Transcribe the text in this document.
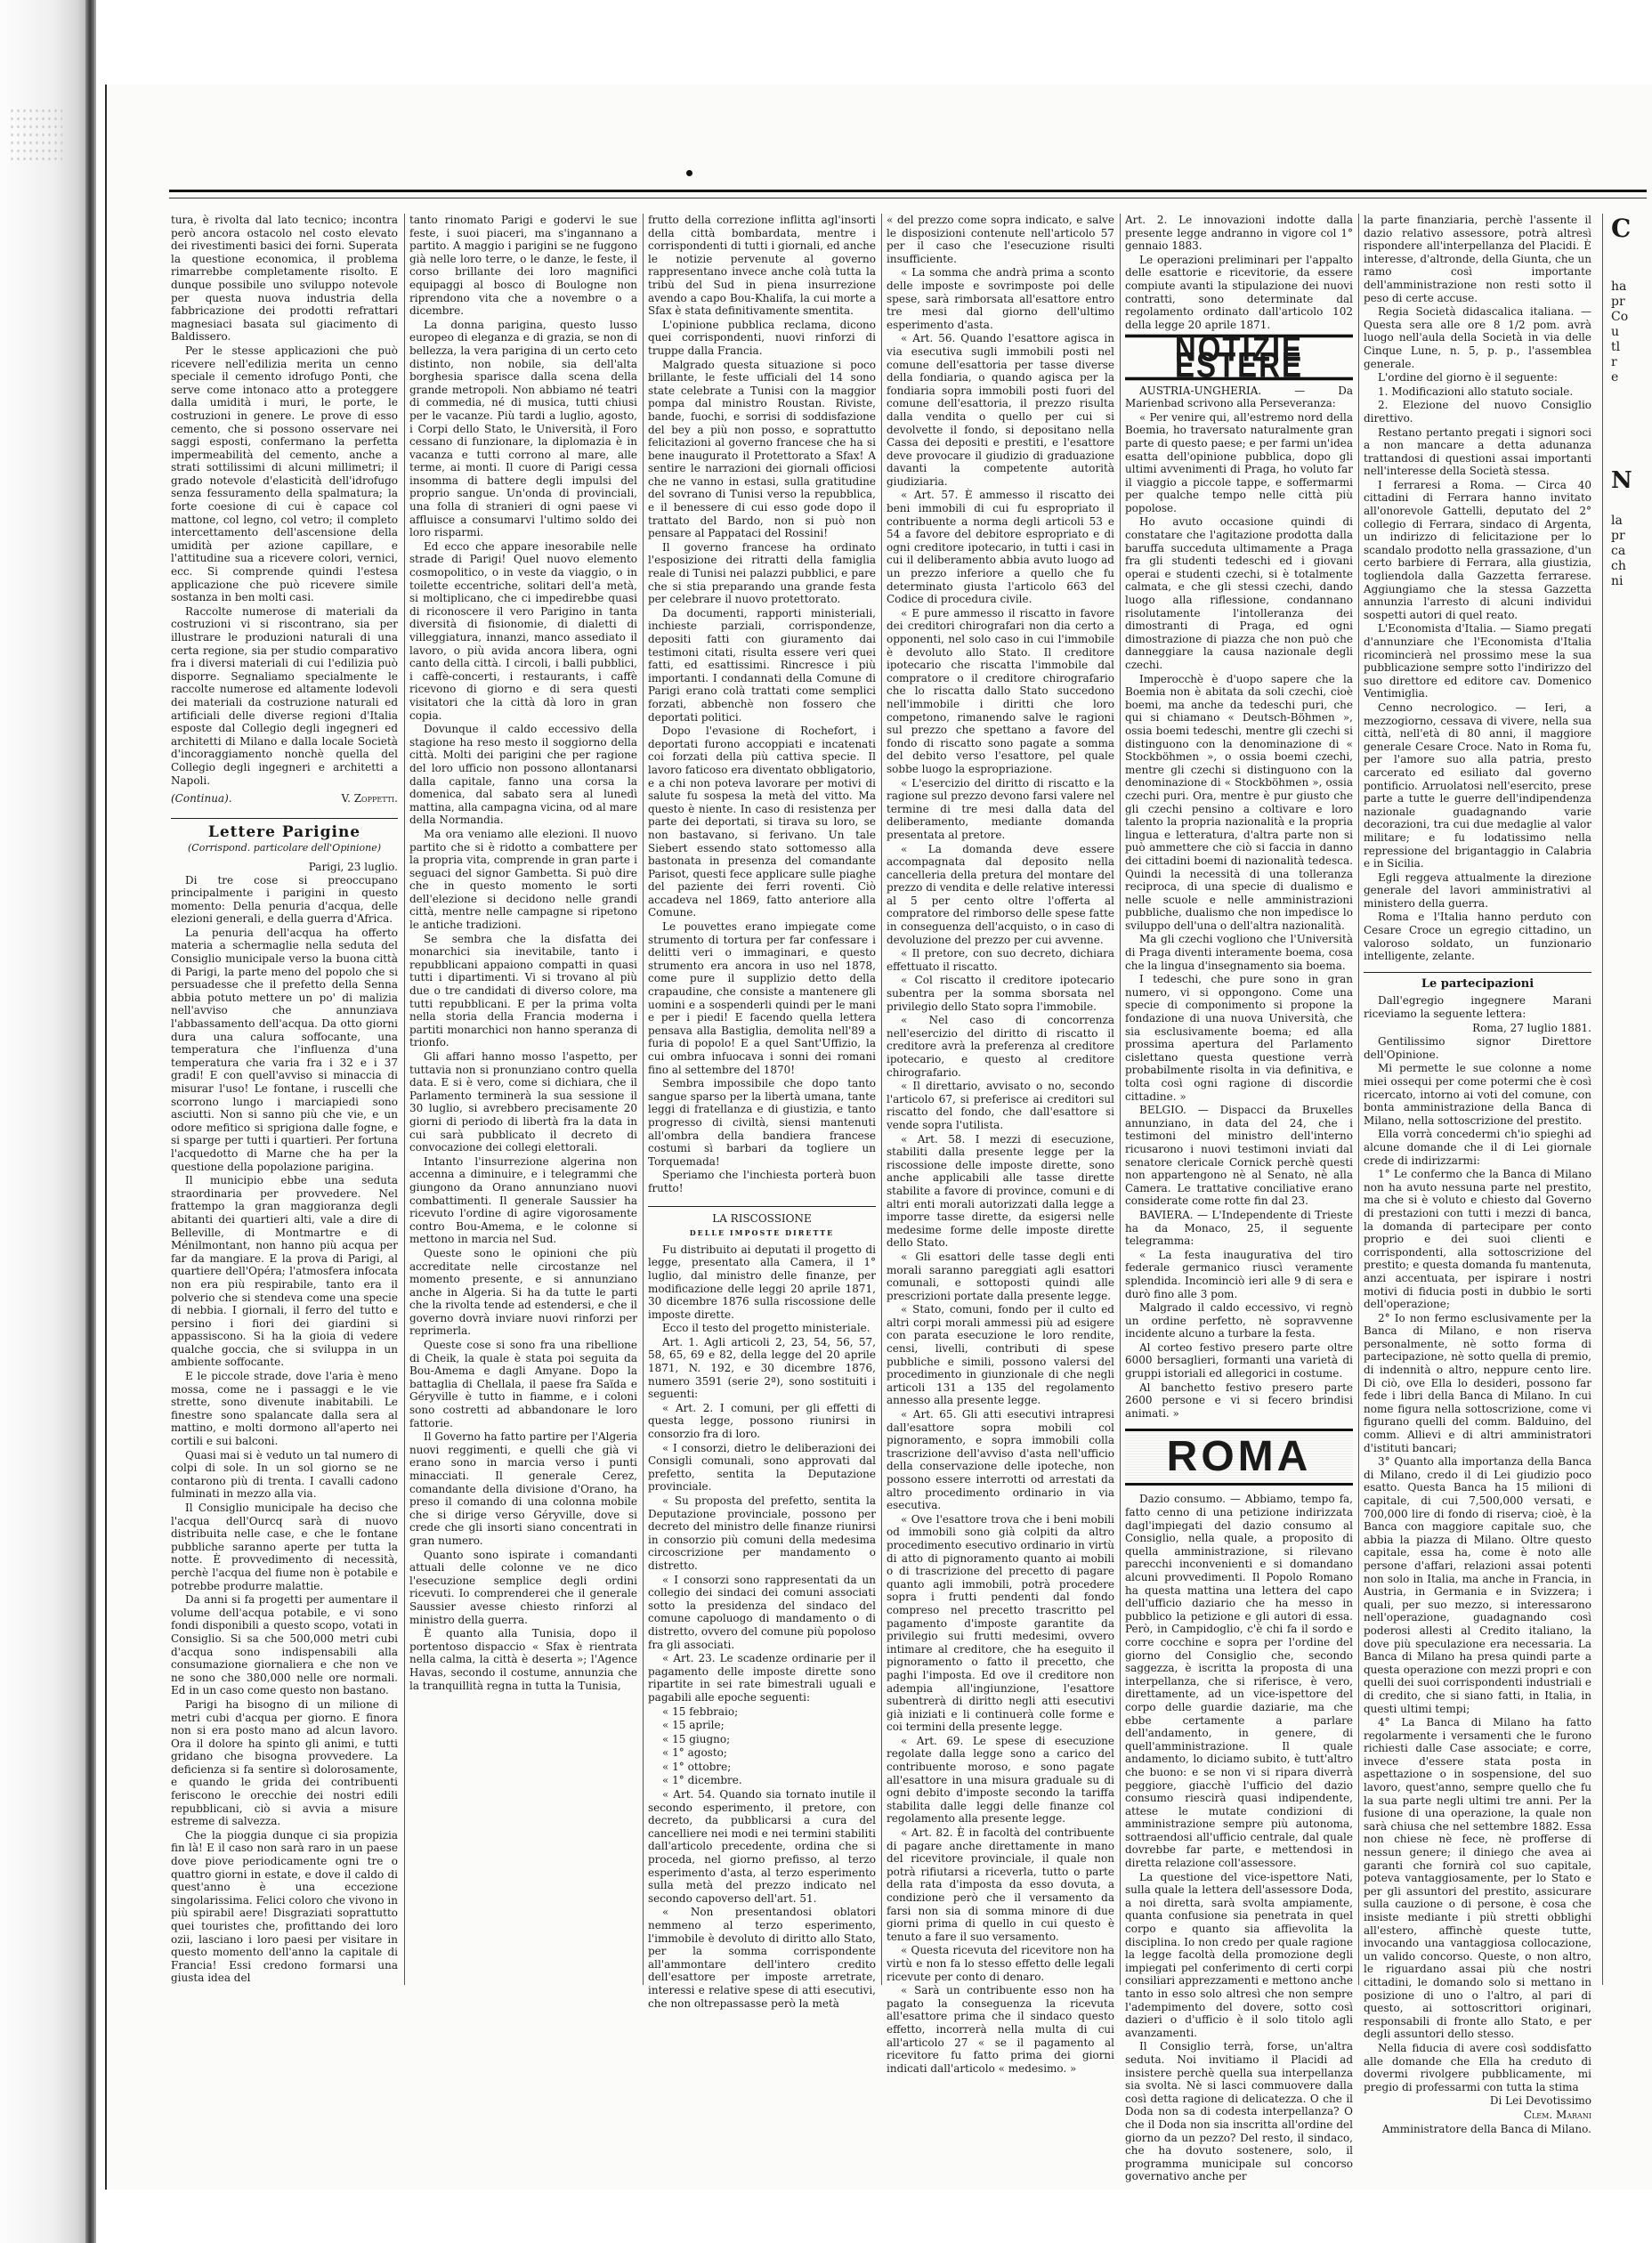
tura, è rivolta dal lato tecnico; incontra però ancora ostacolo nel costo elevato dei rivestimenti basici dei forni. Superata la questione economica, il problema rimarrebbe completamente risolto. E dunque possibile uno sviluppo notevole per questa nuova industria della fabbricazione dei prodotti refrattari magnesiaci basata sul giacimento di Baldissero.

Per le stesse applicazioni che può ricevere nell'edilizia merita un cenno speciale il cemento idrofugo Ponti, che serve come intonaco atto a proteggere dalla umidità i muri, le porte, le costruzioni in genere. Le prove di esso cemento, che si possono osservare nei saggi esposti, confermano la perfetta impermeabilità del cemento, anche a strati sottilissimi di alcuni millimetri; il grado notevole d'elasticità dell'idrofugo senza fessuramento della spalmatura; la forte coesione di cui è capace col mattone, col legno, col vetro; il completo intercettamento dell'ascensione della umidità per azione capillare, e l'attitudine sua a ricevere colori, vernici, ecc. Si comprende quindi l'estesa applicazione che può ricevere simile sostanza in ben molti casi.

Raccolte numerose di materiali da costruzioni vi si riscontrano, sia per illustrare le produzioni naturali di una certa regione, sia per studio comparativo fra i diversi materiali di cui l'edilizia può disporre. Segnaliamo specialmente le raccolte numerose ed altamente lodevoli dei materiali da costruzione naturali ed artificiali delle diverse regioni d'Italia esposte dal Collegio degli ingegneri ed architetti di Milano e dalla locale Società d'incoraggiamento nonchè quella del Collegio degli ingegneri e architetti a Napoli.

(Continua).	V. Zoppetti.
Lettere Parigine
(Corrispond. particolare dell'Opinione)
Parigi, 23 luglio.

Di tre cose si preoccupano principalmente i parigini in questo momento: Della penuria d'acqua, delle elezioni generali, e della guerra d'Africa.

La penuria dell'acqua ha offerto materia a schermaglie nella seduta del Consiglio municipale verso la buona città di Parigi, la parte meno del popolo che si persuadesse che il prefetto della Senna abbia potuto mettere un po' di malizia nell'avviso che annunziava l'abbassamento dell'acqua. Da otto giorni dura una calura soffocante, una temperatura che l'influenza d'una temperatura che varia fra i 32 e i 37 gradi! E con quell'avviso si minaccia di misurar l'uso! Le fontane, i ruscelli che scorrono lungo i marciapiedi sono asciutti. Non si sanno più che vie, e un odore mefitico si sprigiona dalle fogne, e si sparge per tutti i quartieri. Per fortuna l'acquedotto di Marne che ha per la questione della popolazione parigina.

Il municipio ebbe una seduta straordinaria per provvedere. Nel frattempo la gran maggioranza degli abitanti dei quartieri alti, vale a dire di Belleville, di Montmartre e di Ménilmontant, non hanno più acqua per far da mangiare. E la prova di Parigi, al quartiere dell'Opéra; l'atmosfera infocata non era più respirabile, tanto era il polverio che si stendeva come una specie di nebbia. I giornali, il ferro del tutto e persino i fiori dei giardini si appassiscono. Si ha la gioia di vedere qualche goccia, che si sviluppa in un ambiente soffocante.

E le piccole strade, dove l'aria è meno mossa, come ne i passaggi e le vie strette, sono divenute inabitabili. Le finestre sono spalancate dalla sera al mattino, e molti dormono all'aperto nei cortili e sui balconi.

Quasi mai si è veduto un tal numero di colpi di sole. In un sol giorno se ne contarono più di trenta. I cavalli cadono fulminati in mezzo alla via.

Il Consiglio municipale ha deciso che l'acqua dell'Ourcq sarà di nuovo distribuita nelle case, e che le fontane pubbliche saranno aperte per tutta la notte. È provvedimento di necessità, perchè l'acqua del fiume non è potabile e potrebbe produrre malattie.

Da anni si fa progetti per aumentare il volume dell'acqua potabile, e vi sono fondi disponibili a questo scopo, votati in Consiglio. Si sa che 500,000 metri cubi d'acqua sono indispensabili alla consumazione giornaliera e che non ve ne sono che 380,000 nelle ore normali. Ed in un caso come questo non bastano.

Parigi ha bisogno di un milione di metri cubi d'acqua per giorno. E finora non si era posto mano ad alcun lavoro. Ora il dolore ha spinto gli animi, e tutti gridano che bisogna provvedere. La deficienza si fa sentire sì dolorosamente, e quando le grida dei contribuenti feriscono le orecchie dei nostri edili repubblicani, ciò si avvia a misure estreme di salvezza.

Che la pioggia dunque ci sia propizia fin là! E il caso non sarà raro in un paese dove piove periodicamente ogni tre o quattro giorni in estate, e dove il caldo di quest'anno è una eccezione singolarissima. Felici coloro che vivono in più spirabil aere! Disgraziati soprattutto quei touristes che, profittando dei loro ozii, lasciano i loro paesi per visitare in questo momento dell'anno la capitale di Francia! Essi credono formarsi una giusta idea del

tanto rinomato Parigi e godervi le sue feste, i suoi piaceri, ma s'ingannano a partito. A maggio i parigini se ne fuggono già nelle loro terre, o le danze, le feste, il corso brillante dei loro magnifici equipaggi al bosco di Boulogne non riprendono vita che a novembre o a dicembre.

La donna parigina, questo lusso europeo di eleganza e di grazia, se non di bellezza, la vera parigina di un certo ceto distinto, non nobile, sia dell'alta borghesia sparisce dalla scena della grande metropoli. Non abbiamo né teatri di commedia, né di musica, tutti chiusi per le vacanze. Più tardi a luglio, agosto, i Corpi dello Stato, le Università, il Foro cessano di funzionare, la diplomazia è in vacanza e tutti corrono al mare, alle terme, ai monti. Il cuore di Parigi cessa insomma di battere degli impulsi del proprio sangue. Un'onda di provinciali, una folla di stranieri di ogni paese vi affluisce a consumarvi l'ultimo soldo dei loro risparmi.

Ed ecco che appare inesorabile nelle strade di Parigi! Quel nuovo elemento cosmopolitico, o in veste da viaggio, o in toilette eccentriche, solitari dell'a metà, si moltiplicano, che ci impedirebbe quasi di riconoscere il vero Parigino in tanta diversità di fisionomie, di dialetti di villeggiatura, innanzi, manco assediato il lavoro, o più avida ancora libera, ogni canto della città. I circoli, i balli pubblici, i caffè-concerti, i restaurants, i caffè ricevono di giorno e di sera questi visitatori che la città dà loro in gran copia.

Dovunque il caldo eccessivo della stagione ha reso mesto il soggiorno della città. Molti dei parigini che per ragione del loro ufficio non possono allontanarsi dalla capitale, fanno una corsa la domenica, dal sabato sera al lunedì mattina, alla campagna vicina, od al mare della Normandia.

Ma ora veniamo alle elezioni. Il nuovo partito che si è ridotto a combattere per la propria vita, comprende in gran parte i seguaci del signor Gambetta. Si può dire che in questo momento le sorti dell'elezione si decidono nelle grandi città, mentre nelle campagne si ripetono le antiche tradizioni.

Se sembra che la disfatta dei monarchici sia inevitabile, tanto i repubblicani appaiono compatti in quasi tutti i dipartimenti. Vi si trovano al più due o tre candidati di diverso colore, ma tutti repubblicani. E per la prima volta nella storia della Francia moderna i partiti monarchici non hanno speranza di trionfo.

Gli affari hanno mosso l'aspetto, per tuttavia non si pronunziano contro quella data. E si è vero, come si dichiara, che il Parlamento terminerà la sua sessione il 30 luglio, si avrebbero precisamente 20 giorni di periodo di libertà fra la data in cui sarà pubblicato il decreto di convocazione dei collegi elettorali.

Intanto l'insurrezione algerina non accenna a diminuire, e i telegrammi che giungono da Orano annunziano nuovi combattimenti. Il generale Saussier ha ricevuto l'ordine di agire vigorosamente contro Bou-Amema, e le colonne si mettono in marcia nel Sud.

Queste sono le opinioni che più accreditate nelle circostanze nel momento presente, e si annunziano anche in Algeria. Si ha da tutte le parti che la rivolta tende ad estendersi, e che il governo dovrà inviare nuovi rinforzi per reprimerla.

Queste cose si sono fra una ribellione di Cheik, la quale è stata poi seguita da Bou-Amema e dagli Amyane. Dopo la battaglia di Chellala, il paese fra Saïda e Géryville è tutto in fiamme, e i coloni sono costretti ad abbandonare le loro fattorie.

Il Governo ha fatto partire per l'Algeria nuovi reggimenti, e quelli che già vi erano sono in marcia verso i punti minacciati. Il generale Cerez, comandante della divisione d'Orano, ha preso il comando di una colonna mobile che si dirige verso Géryville, dove si crede che gli insorti siano concentrati in gran numero.

Quanto sono ispirate i comandanti attuali delle colonne ve ne dico l'esecuzione semplice degli ordini ricevuti. Io comprenderei che il generale Saussier avesse chiesto rinforzi al ministro della guerra.

È quanto alla Tunisia, dopo il portentoso dispaccio « Sfax è rientrata nella calma, la città è deserta »; l'Agence Havas, secondo il costume, annunzia che la tranquillità regna in tutta la Tunisia,

frutto della correzione inflitta agl'insorti della città bombardata, mentre i corrispondenti di tutti i giornali, ed anche le notizie pervenute al governo rappresentano invece anche colà tutta la tribù del Sud in piena insurrezione avendo a capo Bou-Khalifa, la cui morte a Sfax è stata definitivamente smentita.

L'opinione pubblica reclama, dicono quei corrispondenti, nuovi rinforzi di truppe dalla Francia.

Malgrado questa situazione si poco brillante, le feste ufficiali del 14 sono state celebrate a Tunisi con la maggior pompa dal ministro Roustan. Riviste, bande, fuochi, e sorrisi di soddisfazione del bey a più non posso, e soprattutto felicitazioni al governo francese che ha si bene inaugurato il Protettorato a Sfax! A sentire le narrazioni dei giornali officiosi che ne vanno in estasi, sulla gratitudine del sovrano di Tunisi verso la repubblica, e il benessere di cui esso gode dopo il trattato del Bardo, non si può non pensare al Pappataci del Rossini!

Il governo francese ha ordinato l'esposizione dei ritratti della famiglia reale di Tunisi nei palazzi pubblici, e pare che si stia preparando una grande festa per celebrare il nuovo protettorato.

Da documenti, rapporti ministeriali, inchieste parziali, corrispondenze, depositi fatti con giuramento dai testimoni citati, risulta essere veri quei fatti, ed esattissimi. Rincresce i più importanti. I condannati della Comune di Parigi erano colà trattati come semplici forzati, abbenchè non fossero che deportati politici.

Dopo l'evasione di Rochefort, i deportati furono accoppiati e incatenati coi forzati della più cattiva specie. Il lavoro faticoso era diventato obbligatorio, e a chi non poteva lavorare per motivi di salute fu sospesa la metà del vitto. Ma questo è niente. In caso di resistenza per parte dei deportati, si tirava su loro, se non bastavano, si ferivano. Un tale Siebert essendo stato sottomesso alla bastonata in presenza del comandante Parisot, questi fece applicare sulle piaghe del paziente dei ferri roventi. Ciò accadeva nel 1869, fatto anteriore alla Comune.

Le pouvettes erano impiegate come strumento di tortura per far confessare i delitti veri o immaginari, e questo strumento era ancora in uso nel 1878, come pure il supplizio detto della crapaudine, che consiste a mantenere gli uomini e a sospenderli quindi per le mani e per i piedi! E facendo quella lettera pensava alla Bastiglia, demolita nell'89 a furia di popolo! E a quel Sant'Uffizio, la cui ombra infuocava i sonni dei romani fino al settembre del 1870!

Sembra impossibile che dopo tanto sangue sparso per la libertà umana, tante leggi di fratellanza e di giustizia, e tanto progresso di civiltà, siensi mantenuti all'ombra della bandiera francese costumi sì barbari da togliere un Torquemada!

Speriamo che l'inchiesta porterà buon frutto!

LA RISCOSSIONE
DELLE IMPOSTE DIRETTE

Fu distribuito ai deputati il progetto di legge, presentato alla Camera, il 1° luglio, dal ministro delle finanze, per modificazione delle leggi 20 aprile 1871, 30 dicembre 1876 sulla riscossione delle imposte dirette.

Ecco il testo del progetto ministeriale.

Art. 1. Agli articoli 2, 23, 54, 56, 57, 58, 65, 69 e 82, della legge del 20 aprile 1871, N. 192, e 30 dicembre 1876, numero 3591 (serie 2ª), sono sostituiti i seguenti:

« Art. 2. I comuni, per gli effetti di questa legge, possono riunirsi in consorzio fra di loro.

« I consorzi, dietro le deliberazioni dei Consigli comunali, sono approvati dal prefetto, sentita la Deputazione provinciale.

« Su proposta del prefetto, sentita la Deputazione provinciale, possono per decreto del ministro delle finanze riunirsi in consorzio più comuni della medesima circoscrizione per mandamento o distretto.

« I consorzi sono rappresentati da un collegio dei sindaci dei comuni associati sotto la presidenza del sindaco del comune capoluogo di mandamento o di distretto, ovvero del comune più popoloso fra gli associati.

« Art. 23. Le scadenze ordinarie per il pagamento delle imposte dirette sono ripartite in sei rate bimestrali uguali e pagabili alle epoche seguenti:

« 15 febbraio;

« 15 aprile;

« 15 giugno;

« 1° agosto;

« 1° ottobre;

« 1° dicembre.

« Art. 54. Quando sia tornato inutile il secondo esperimento, il pretore, con decreto, da pubblicarsi a cura del cancelliere nei modi e nei termini stabiliti dall'articolo precedente, ordina che si proceda, nel giorno prefisso, al terzo esperimento d'asta, al terzo esperimento sulla metà del prezzo indicato nel secondo capoverso dell'art. 51.

« Non presentandosi oblatori nemmeno al terzo esperimento, l'immobile è devoluto di diritto allo Stato, per la somma corrispondente all'ammontare dell'intero credito dell'esattore per imposte arretrate, interessi e relative spese di atti esecutivi, che non oltrepassasse però la metà

« del prezzo come sopra indicato, e salve le disposizioni contenute nell'articolo 57 per il caso che l'esecuzione risulti insufficiente.

« La somma che andrà prima a sconto delle imposte e sovrimposte poi delle spese, sarà rimborsata all'esattore entro tre mesi dal giorno dell'ultimo esperimento d'asta.

« Art. 56. Quando l'esattore agisca in via esecutiva sugli immobili posti nel comune dell'esattoria per tasse diverse della fondiaria, o quando agisca per la fondiaria sopra immobili posti fuori del comune dell'esattoria, il prezzo risulta dalla vendita o quello per cui si devolvette il fondo, si depositano nella Cassa dei depositi e prestiti, e l'esattore deve provocare il giudizio di graduazione davanti la competente autorità giudiziaria.

« Art. 57. È ammesso il riscatto dei beni immobili di cui fu espropriato il contribuente a norma degli articoli 53 e 54 a favore del debitore espropriato e di ogni creditore ipotecario, in tutti i casi in cui il deliberamento abbia avuto luogo ad un prezzo inferiore a quello che fu determinato giusta l'articolo 663 del Codice di procedura civile.

« E pure ammesso il riscatto in favore dei creditori chirografari non dia certo a opponenti, nel solo caso in cui l'immobile è devoluto allo Stato. Il creditore ipotecario che riscatta l'immobile dal compratore o il creditore chirografario che lo riscatta dallo Stato succedono nell'immobile i diritti che loro competono, rimanendo salve le ragioni sul prezzo che spettano a favore del fondo di riscatto sono pagate a somma del debito verso l'esattore, pel quale sobbe luogo la espropriazione.

« L'esercizio del diritto di riscatto e la ragione sul prezzo devono farsi valere nel termine di tre mesi dalla data del deliberamento, mediante domanda presentata al pretore.

« La domanda deve essere accompagnata dal deposito nella cancelleria della pretura del montare del prezzo di vendita e delle relative interessi al 5 per cento oltre l'offerta al compratore del rimborso delle spese fatte in conseguenza dell'acquisto, o in caso di devoluzione del prezzo per cui avvenne.

« Il pretore, con suo decreto, dichiara effettuato il riscatto.

« Col riscatto il creditore ipotecario subentra per la somma sborsata nel privilegio dello Stato sopra l'immobile.

« Nel caso di concorrenza nell'esercizio del diritto di riscatto il creditore avrà la preferenza al creditore ipotecario, e questo al creditore chirografario.

« Il direttario, avvisato o no, secondo l'articolo 67, si preferisce ai creditori sul riscatto del fondo, che dall'esattore si vende sopra l'utilista.

« Art. 58. I mezzi di esecuzione, stabiliti dalla presente legge per la riscossione delle imposte dirette, sono anche applicabili alle tasse dirette stabilite a favore di province, comuni e di altri enti morali autorizzati dalla legge a imporre tasse dirette, da esigersi nelle medesime forme delle imposte dirette dello Stato.

« Gli esattori delle tasse degli enti morali saranno pareggiati agli esattori comunali, e sottoposti quindi alle prescrizioni portate dalla presente legge.

« Stato, comuni, fondo per il culto ed altri corpi morali ammessi più ad esigere con parata esecuzione le loro rendite, censi, livelli, contributi di spese pubbliche e simili, possono valersi del procedimento in giunzionale di che negli articoli 131 a 135 del regolamento annesso alla presente legge.

« Art. 65. Gli atti esecutivi intrapresi dall'esattore sopra mobili col pignoramento, e sopra immobili colla trascrizione dell'avviso d'asta nell'ufficio della conservazione delle ipoteche, non possono essere interrotti od arrestati da altro procedimento ordinario in via esecutiva.

« Ove l'esattore trova che i beni mobili od immobili sono già colpiti da altro procedimento esecutivo ordinario in virtù di atto di pignoramento quanto ai mobili o di trascrizione del precetto di pagare quanto agli immobili, potrà procedere sopra i frutti pendenti dal fondo compreso nel precetto trascritto pel pagamento d'imposte garantite da privilegio sui frutti medesimi, ovvero intimare al creditore, che ha eseguito il pignoramento o fatto il precetto, che paghi l'imposta. Ed ove il creditore non adempia all'ingiunzione, l'esattore subentrerà di diritto negli atti esecutivi già iniziati e li continuerà colle forme e coi termini della presente legge.

« Art. 69. Le spese di esecuzione regolate dalla legge sono a carico del contribuente moroso, e sono pagate all'esattore in una misura graduale su di ogni debito d'imposte secondo la tariffa stabilita dalle leggi delle finanze col regolamento alla presente legge.

« Art. 82. È in facoltà del contribuente di pagare anche direttamente in mano del ricevitore provinciale, il quale non potrà rifiutarsi a riceverla, tutto o parte della rata d'imposta da esso dovuta, a condizione però che il versamento da farsi non sia di somma minore di due giorni prima di quello in cui questo è tenuto a fare il suo versamento.

« Questa ricevuta del ricevitore non ha virtù e non fa lo stesso effetto delle legali ricevute per conto di denaro.

« Sarà un contribuente esso non ha pagato la conseguenza la ricevuta all'esattore prima che il sindaco questo effetto, incorrerà nella multa di cui all'articolo 27 « se il pagamento al ricevitore fu fatto prima dei giorni indicati dall'articolo « medesimo. »

Art. 2. Le innovazioni indotte dalla presente legge andranno in vigore col 1° gennaio 1883.

Le operazioni preliminari per l'appalto delle esattorie e ricevitorie, da essere compiute avanti la stipulazione dei nuovi contratti, sono determinate dal regolamento ordinato dall'articolo 102 della legge 20 aprile 1871.

NOTIZIE ESTERE

AUSTRIA-UNGHERIA. — Da Marienbad scrivono alla Perseveranza:

« Per venire qui, all'estremo nord della Boemia, ho traversato naturalmente gran parte di questo paese; e per farmi un'idea esatta dell'opinione pubblica, dopo gli ultimi avvenimenti di Praga, ho voluto far il viaggio a piccole tappe, e soffermarmi per qualche tempo nelle città più popolose.

Ho avuto occasione quindi di constatare che l'agitazione prodotta dalla baruffa succeduta ultimamente a Praga fra gli studenti tedeschi ed i giovani operai e studenti czechi, si è totalmente calmata, e che gli stessi czechi, dando luogo alla riflessione, condannano risolutamente l'intolleranza dei dimostranti di Praga, ed ogni dimostrazione di piazza che non può che danneggiare la causa nazionale degli czechi.

Imperocchè è d'uopo sapere che la Boemia non è abitata da soli czechi, cioè boemi, ma anche da tedeschi puri, che qui si chiamano « Deutsch-Böhmen », ossia boemi tedeschi, mentre gli czechi si distinguono con la denominazione di « Stockböhmen », o ossia boemi czechi, mentre gli czechi si distinguono con la denominazione di « Stockböhmen », ossia czechi puri. Ora, mentre è pur giusto che gli czechi pensino a coltivare e loro talento la propria nazionalità e la propria lingua e letteratura, d'altra parte non si può ammettere che ciò si faccia in danno dei cittadini boemi di nazionalità tedesca. Quindi la necessità di una tolleranza reciproca, di una specie di dualismo e nelle scuole e nelle amministrazioni pubbliche, dualismo che non impedisce lo sviluppo dell'una o dell'altra nazionalità.

Ma gli czechi vogliono che l'Università di Praga diventi interamente boema, cosa che la lingua d'insegnamento sia boema.

I tedeschi, che pure sono in gran numero, vi si oppongono. Come una specie di componimento si propone la fondazione di una nuova Università, che sia esclusivamente boema; ed alla prossima apertura del Parlamento cislettano questa questione verrà probabilmente risolta in via definitiva, e tolta così ogni ragione di discordie cittadine. »

BELGIO. — Dispacci da Bruxelles annunziano, in data del 24, che i testimoni del ministro dell'interno ricusarono i nuovi testimoni inviati dal senatore clericale Cornick perchè questi non appartengono nè al Senato, nè alla Camera. Le trattative conciliative erano considerate come rotte fin dal 23.

BAVIERA. — L'Independente di Trieste ha da Monaco, 25, il seguente telegramma:

« La festa inaugurativa del tiro federale germanico riuscì veramente splendida. Incominciò ieri alle 9 di sera e durò fino alle 3 pom.

Malgrado il caldo eccessivo, vi regnò un ordine perfetto, nè sopravvenne incidente alcuno a turbare la festa.

Al corteo festivo presero parte oltre 6000 bersaglieri, formanti una varietà di gruppi istoriali ed allegorici in costume.

Al banchetto festivo presero parte 2600 persone e vi si fecero brindisi animati. »

ROMA

Dazio consumo. — Abbiamo, tempo fa, fatto cenno di una petizione indirizzata dagl'impiegati del dazio consumo al Consiglio, nella quale, a proposito di quella amministrazione, si rilevano parecchi inconvenienti e si domandano alcuni provvedimenti. Il Popolo Romano ha questa mattina una lettera del capo dell'ufficio daziario che ha messo in pubblico la petizione e gli autori di essa. Però, in Campidoglio, c'è chi fa il sordo e corre cocchine e sopra per l'ordine del giorno del Consiglio che, secondo saggezza, è iscritta la proposta di una interpellanza, che si riferisce, è vero, direttamente, ad un vice-ispettore del corpo delle guardie daziarie, ma che ebbe certamente a parlare dell'andamento, in genere, di quell'amministrazione. Il quale andamento, lo diciamo subito, è tutt'altro che buono: e se non vi si ripara diverrà peggiore, giacchè l'ufficio del dazio consumo riescirà quasi indipendente, attese le mutate condizioni di amministrazione sempre più autonoma, sottraendosi all'ufficio centrale, dal quale dovrebbe far parte, e mettendosi in diretta relazione coll'assessore.

La questione del vice-ispettore Nati, sulla quale la lettera dell'assessore Doda, a noi diretta, sarà svolta ampiamente, quanta confusione sia penetrata in quel corpo e quanto sia affievolita la disciplina. Io non credo per quale ragione la legge facoltà della promozione degli impiegati pel conferimento di certi corpi consiliari apprezzamenti e mettono anche tanto in esso solo altresì che non sempre l'adempimento del dovere, sotto così dazieri o d'ufficio è il solo titolo agli avanzamenti.

Il Consiglio terrà, forse, un'altra seduta. Noi invitiamo il Placidi ad insistere perchè quella sua interpellanza sia svolta. Nè si lasci commuovere dalla così detta ragione di delicatezza. O che il Doda non sa di codesta interpellanza? O che il Doda non sia inscritta all'ordine del giorno da un pezzo? Del resto, il sindaco, che ha dovuto sostenere, solo, il programma municipale sul concorso governativo anche per

la parte finanziaria, perchè l'assente il dazio relativo assessore, potrà altresì rispondere all'interpellanza del Placidi. È interesse, d'altronde, della Giunta, che un ramo così importante dell'amministrazione non resti sotto il peso di certe accuse.

Regia Società didascalica italiana. — Questa sera alle ore 8 1/2 pom. avrà luogo nell'aula della Società in via delle Cinque Lune, n. 5, p. p., l'assemblea generale.

L'ordine del giorno è il seguente:

1. Modificazioni allo statuto sociale.

2. Elezione del nuovo Consiglio direttivo.

Restano pertanto pregati i signori soci a non mancare a detta adunanza trattandosi di questioni assai importanti nell'interesse della Società stessa.

I ferraresi a Roma. — Circa 40 cittadini di Ferrara hanno invitato all'onorevole Gattelli, deputato del 2° collegio di Ferrara, sindaco di Argenta, un indirizzo di felicitazione per lo scandalo prodotto nella grassazione, d'un certo barbiere di Ferrara, alla giustizia, togliendola dalla Gazzetta ferrarese. Aggiungiamo che la stessa Gazzetta annunzia l'arresto di alcuni individui sospetti autori di quel reato.

L'Economista d'Italia. — Siamo pregati d'annunziare che l'Economista d'Italia ricomincierà nel prossimo mese la sua pubblicazione sempre sotto l'indirizzo del suo direttore ed editore cav. Domenico Ventimiglia.

Cenno necrologico. — Ieri, a mezzogiorno, cessava di vivere, nella sua città, nell'età di 80 anni, il maggiore generale Cesare Croce. Nato in Roma fu, per l'amore suo alla patria, presto carcerato ed esiliato dal governo pontificio. Arruolatosi nell'esercito, prese parte a tutte le guerre dell'indipendenza nazionale guadagnando varie decorazioni, tra cui due medaglie al valor militare; e fu lodatissimo nella repressione del brigantaggio in Calabria e in Sicilia.

Egli reggeva attualmente la direzione generale del lavori amministrativi al ministero della guerra.

Roma e l'Italia hanno perduto con Cesare Croce un egregio cittadino, un valoroso soldato, un funzionario intelligente, zelante.

Le partecipazioni

Dall'egregio ingegnere Marani riceviamo la seguente lettera:

Roma, 27 luglio 1881.

Gentilissimo signor Direttore dell'Opinione.

Mi permette le sue colonne a nome miei ossequi per come potermi che è così ricercato, intorno ai voti del comune, con bonta amministrazione della Banca di Milano, nella sottoscrizione del prestito.

Ella vorrà concedermi ch'io spieghi ad alcune domande che il di Lei giornale crede di indirizzarmi:

1° Le confermo che la Banca di Milano non ha avuto nessuna parte nel prestito, ma che si è voluto e chiesto dal Governo di prestazioni con tutti i mezzi di banca, la domanda di partecipare per conto proprio e dei suoi clienti e corrispondenti, alla sottoscrizione del prestito; e questa domanda fu mantenuta, anzi accentuata, per ispirare i nostri motivi di fiducia posti in dubbio le sorti dell'operazione;

2° Io non fermo esclusivamente per la Banca di Milano, e non riserva personalmente, nè sotto forma di partecipazione, nè sotto quella di premio, di indennità o altro, neppure cento lire. Di ciò, ove Ella lo desideri, possono far fede i libri della Banca di Milano. In cui nome figura nella sottoscrizione, come vi figurano quelli del comm. Balduino, del comm. Allievi e di altri amministratori d'istituti bancari;

3° Quanto alla importanza della Banca di Milano, credo il di Lei giudizio poco esatto. Questa Banca ha 15 milioni di capitale, di cui 7,500,000 versati, e 700,000 lire di fondo di riserva; cioè, è la Banca con maggiore capitale suo, che abbia la piazza di Milano. Oltre questo capitale, essa ha, come è noto alle persone d'affari, relazioni assai potenti non solo in Italia, ma anche in Francia, in Austria, in Germania e in Svizzera; i quali, per suo mezzo, si interessarono nell'operazione, guadagnando così poderosi allesti al Credito italiano, la dove più speculazione era necessaria. La Banca di Milano ha presa quindi parte a questa operazione con mezzi propri e con quelli dei suoi corrispondenti industriali e di credito, che si siano fatti, in Italia, in questi ultimi tempi;

4° La Banca di Milano ha fatto regolarmente i versamenti che le furono richiesti dalle Case associate; e corre, invece d'essere stata posta in aspettazione o in sospensione, del suo lavoro, quest'anno, sempre quello che fu la sua parte negli ultimi tre anni. Per la fusione di una operazione, la quale non sarà chiusa che nel settembre 1882. Essa non chiese nè fece, nè profferse di nessun genere; il diniego che avea ai garanti che fornirà col suo capitale, poteva vantaggiosamente, per lo Stato e per gli assuntori del prestito, assicurare sulla cauzione o di persone, è cosa che insiste mediante i più stretti obblighi all'estero, affinchè queste tutte, invocando una vantaggiosa collocazione, un valido concorso. Queste, o non altro, le riguardano assai più che nostri cittadini, le domando solo si mettano in posizione di uno o l'altro, al pari di questo, ai sottoscrittori originari, responsabili di fronte allo Stato, e per degli assuntori dello stesso.

Nella fiducia di avere così soddisfatto alle domande che Ella ha creduto di dovermi rivolgere pubblicamente, mi pregio di professarmi con tutta la stima

Di Lei Devotissimo

Clem. Marani

Amministratore della Banca di Milano.

C
ha
pr
Co
u
tl
r
e
N
la
pr
ca
ch
ni
